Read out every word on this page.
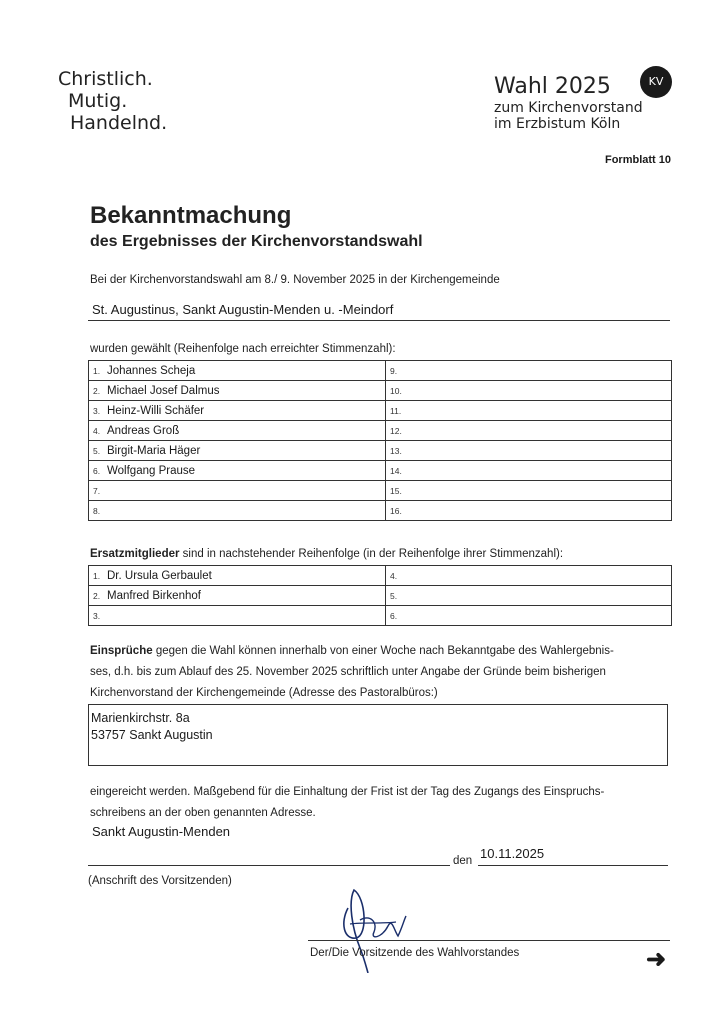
Christlich.
Mutig.
Handelnd.
Wahl 2025
zum Kirchenvorstand
im Erzbistum Köln
KV
Formblatt 10
Bekanntmachung
des Ergebnisses der Kirchenvorstandswahl
Bei der Kirchenvorstandswahl am 8./ 9. November 2025 in der Kirchengemeinde
St. Augustinus, Sankt Augustin-Menden u. -Meindorf
wurden gewählt (Reihenfolge nach erreichter Stimmenzahl):
1. Johannes Scheja	9.
2. Michael Josef Dalmus	10.
3. Heinz-Willi Schäfer	11.
4. Andreas Groß	12.
5. Birgit-Maria Häger	13.
6. Wolfgang Prause	14.
7.	15.
8.	16.
Ersatzmitglieder sind in nachstehender Reihenfolge (in der Reihenfolge ihrer Stimmenzahl):
1. Dr. Ursula Gerbaulet	4.
2. Manfred Birkenhof	5.
3.	6.
Einsprüche gegen die Wahl können innerhalb von einer Woche nach Bekanntgabe des Wahlergebnis-
ses, d.h. bis zum Ablauf des 25. November 2025 schriftlich unter Angabe der Gründe beim bisherigen
Kirchenvorstand der Kirchengemeinde (Adresse des Pastoralbüros:)
Marienkirchstr. 8a
53757 Sankt Augustin
eingereicht werden. Maßgebend für die Einhaltung der Frist ist der Tag des Zugangs des Einspruchs-
schreibens an der oben genannten Adresse.
Sankt Augustin-Menden
den 10.11.2025
(Anschrift des Vorsitzenden)
Der/Die Vorsitzende des Wahlvorstandes	➜
